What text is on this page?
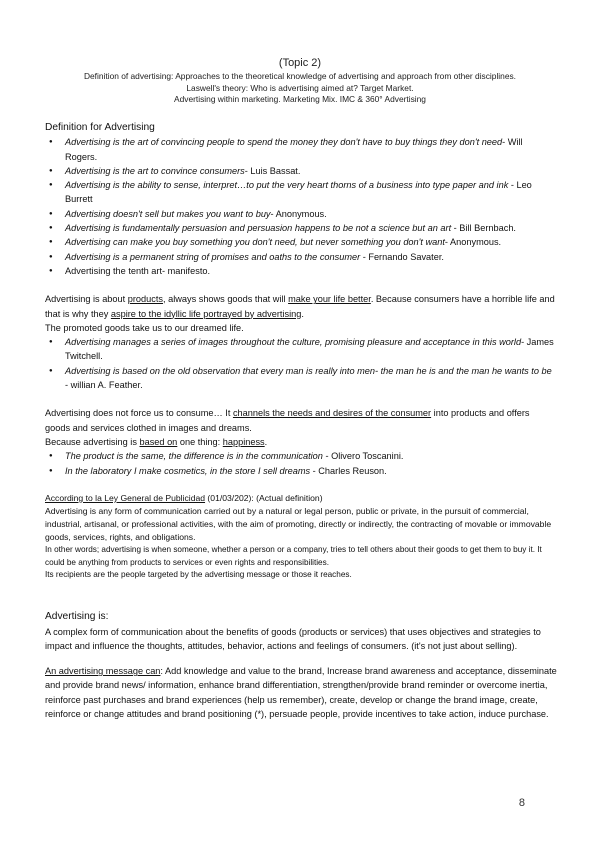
(Topic 2)
Definition of advertising: Approaches to the theoretical knowledge of advertising and approach from other disciplines.
Laswell's theory: Who is advertising aimed at? Target Market.
Advertising within marketing. Marketing Mix. IMC & 360° Advertising
Definition for Advertising
● Advertising is the art of convincing people to spend the money they don't have to buy things they don't need- Will Rogers.
● Advertising is the art to convince consumers- Luis Bassat.
● Advertising is the ability to sense, interpret…to put the very heart thorns of a business into type paper and ink - Leo Burrett
● Advertising doesn't sell but makes you want to buy- Anonymous.
● Advertising is fundamentally persuasion and persuasion happens to be not a science but an art - Bill Bernbach.
● Advertising can make you buy something you don't need, but never something you don't want- Anonymous.
● Advertising is a permanent string of promises and oaths to the consumer - Fernando Savater.
● Advertising the tenth art- manifesto.

Advertising is about products, always shows goods that will make your life better. Because consumers have a horrible life and that is why they aspire to the idyllic life portrayed by advertising.

The promoted goods take us to our dreamed life.

● Advertising manages a series of images throughout the culture, promising pleasure and acceptance in this world- James Twitchell.
● Advertising is based on the old observation that every man is really into men- the man he is and the man he wants to be - willian A. Feather.

Advertising does not force us to consume… It channels the needs and desires of the consumer into products and offers goods and services clothed in images and dreams.

Because advertising is based on one thing: happiness.

● The product is the same, the difference is in the communication - Olivero Toscanini.
● In the laboratory I make cosmetics, in the store I sell dreams - Charles Reuson.

According to la Ley General de Publicidad (01/03/202): (Actual definition)

Advertising is any form of communication carried out by a natural or legal person, public or private, in the pursuit of commercial, industrial, artisanal, or professional activities, with the aim of promoting, directly or indirectly, the contracting of movable or immovable goods, services, rights, and obligations.

In other words; advertising is when someone, whether a person or a company, tries to tell others about their goods to get them to buy it. It could be anything from products to services or even rights and responsibilities.

Its recipients are the people targeted by the advertising message or those it reaches.

Advertising is:

A complex form of communication about the benefits of goods (products or services) that uses objectives and strategies to impact and influence the thoughts, attitudes, behavior, actions and feelings of consumers. (it's not just about selling).

An advertising message can: Add knowledge and value to the brand, Increase brand awareness and acceptance, disseminate and provide brand news/ information, enhance brand differentiation, strengthen/provide brand reminder or overcome inertia, reinforce past purchases and brand experiences (help us remember), create, develop or change the brand image, create, reinforce or change attitudes and brand positioning (*), persuade people, provide incentives to take action, induce purchase.

8
